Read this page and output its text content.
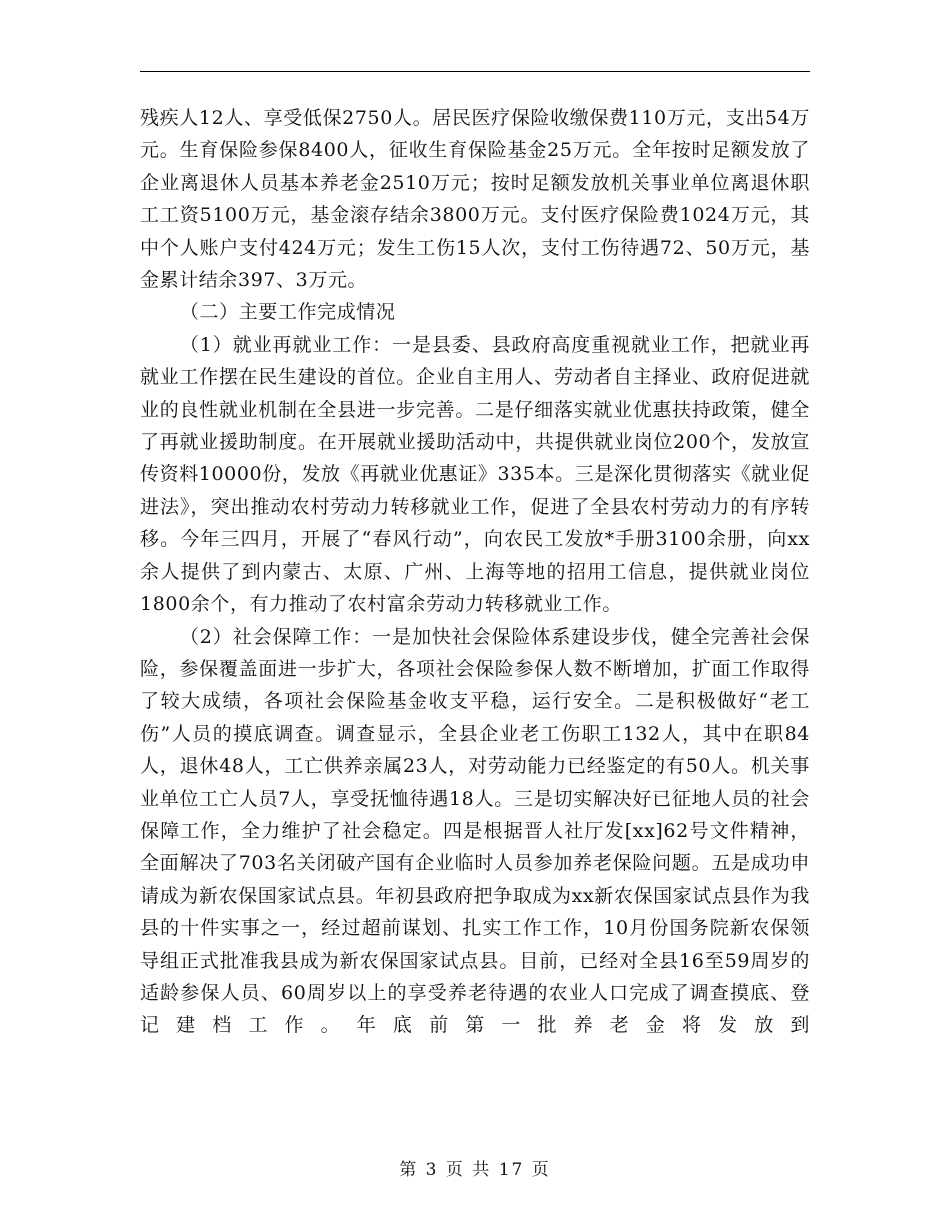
残疾人12人、享受低保2750人。居民医疗保险收缴保费110万元，支出54万元。生育保险参保8400人，征收生育保险基金25万元。全年按时足额发放了企业离退休人员基本养老金2510万元；按时足额发放机关事业单位离退休职工工资5100万元，基金滚存结余3800万元。支付医疗保险费1024万元，其中个人账户支付424万元；发生工伤15人次，支付工伤待遇72、50万元，基金累计结余397、3万元。

（二）主要工作完成情况

（1）就业再就业工作：一是县委、县政府高度重视就业工作，把就业再就业工作摆在民生建设的首位。企业自主用人、劳动者自主择业、政府促进就业的良性就业机制在全县进一步完善。二是仔细落实就业优惠扶持政策，健全了再就业援助制度。在开展就业援助活动中，共提供就业岗位200个，发放宣传资料10000份，发放《再就业优惠证》335本。三是深化贯彻落实《就业促进法》，突出推动农村劳动力转移就业工作，促进了全县农村劳动力的有序转移。今年三四月，开展了“春风行动”，向农民工发放*手册3100余册，向xx余人提供了到内蒙古、太原、广州、上海等地的招用工信息，提供就业岗位1800余个，有力推动了农村富余劳动力转移就业工作。

（2）社会保障工作：一是加快社会保险体系建设步伐，健全完善社会保险，参保覆盖面进一步扩大，各项社会保险参保人数不断增加，扩面工作取得了较大成绩，各项社会保险基金收支平稳，运行安全。二是积极做好“老工伤”人员的摸底调查。调查显示，全县企业老工伤职工132人，其中在职84人，退休48人，工亡供养亲属23人，对劳动能力已经鉴定的有50人。机关事业单位工亡人员7人，享受抚恤待遇18人。三是切实解决好已征地人员的社会保障工作，全力维护了社会稳定。四是根据晋人社厅发[xx]62号文件精神，全面解决了703名关闭破产国有企业临时人员参加养老保险问题。五是成功申请成为新农保国家试点县。年初县政府把争取成为xx新农保国家试点县作为我县的十件实事之一，经过超前谋划、扎实工作工作，10月份国务院新农保领导组正式批准我县成为新农保国家试点县。目前，已经对全县16至59周岁的适龄参保人员、60周岁以上的享受养老待遇的农业人口完成了调查摸底、登记建档工作。年底前第一批养老金将发放到

第 3 页 共 17 页
